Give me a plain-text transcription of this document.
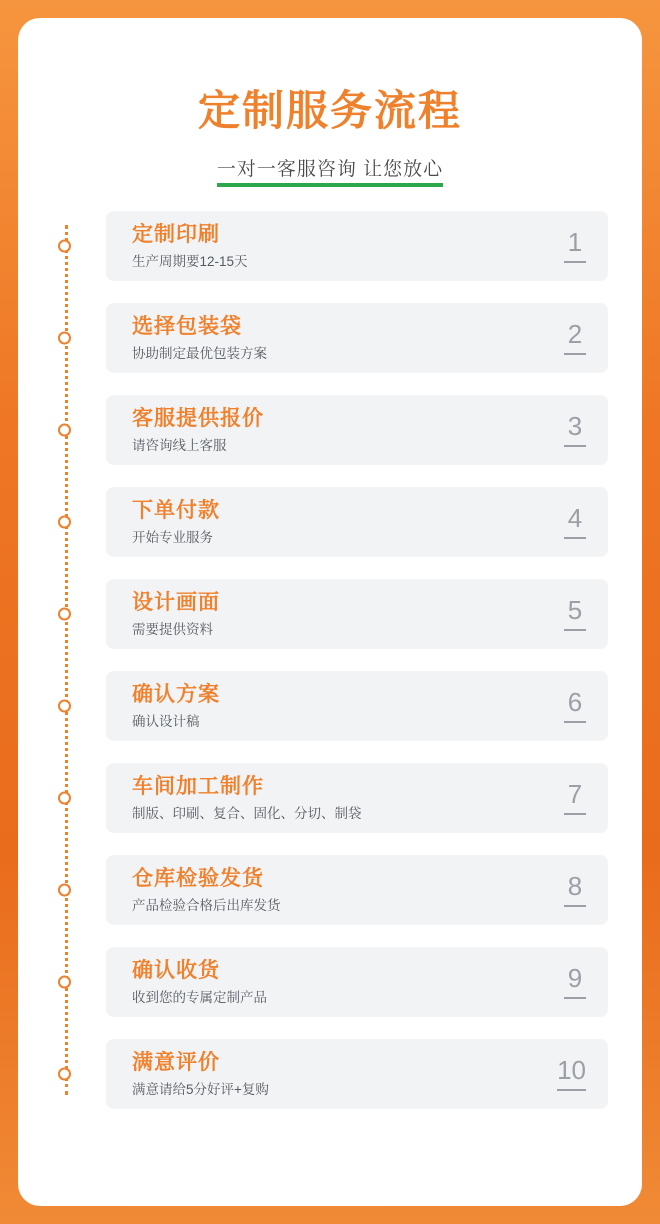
定制服务流程
一对一客服咨询 让您放心
定制印刷
生产周期要12-15天
1
选择包装袋
协助制定最优包装方案
2
客服提供报价
请咨询线上客服
3
下单付款
开始专业服务
4
设计画面
需要提供资料
5
确认方案
确认设计稿
6
车间加工制作
制版、印刷、复合、固化、分切、制袋
7
仓库检验发货
产品检验合格后出库发货
8
确认收货
收到您的专属定制产品
9
满意评价
满意请给5分好评+复购
10
